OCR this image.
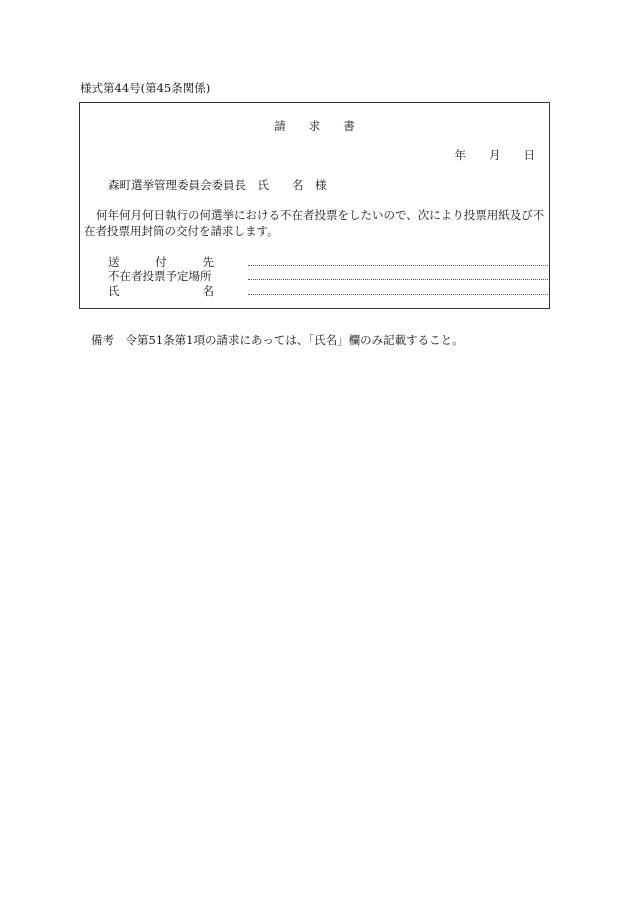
様式第44号(第45条関係)
請　　求　　書
年　　月　　日
森町選挙管理委員会委員長　氏　　名　様
何年何月何日執行の何選挙における不在者投票をしたいので、次により投票用紙及び不在者投票用封筒の交付を請求します。
送	付	先
不在者投票予定場所
氏	名
備考　令第51条第1項の請求にあっては、「氏名」欄のみ記載すること。
